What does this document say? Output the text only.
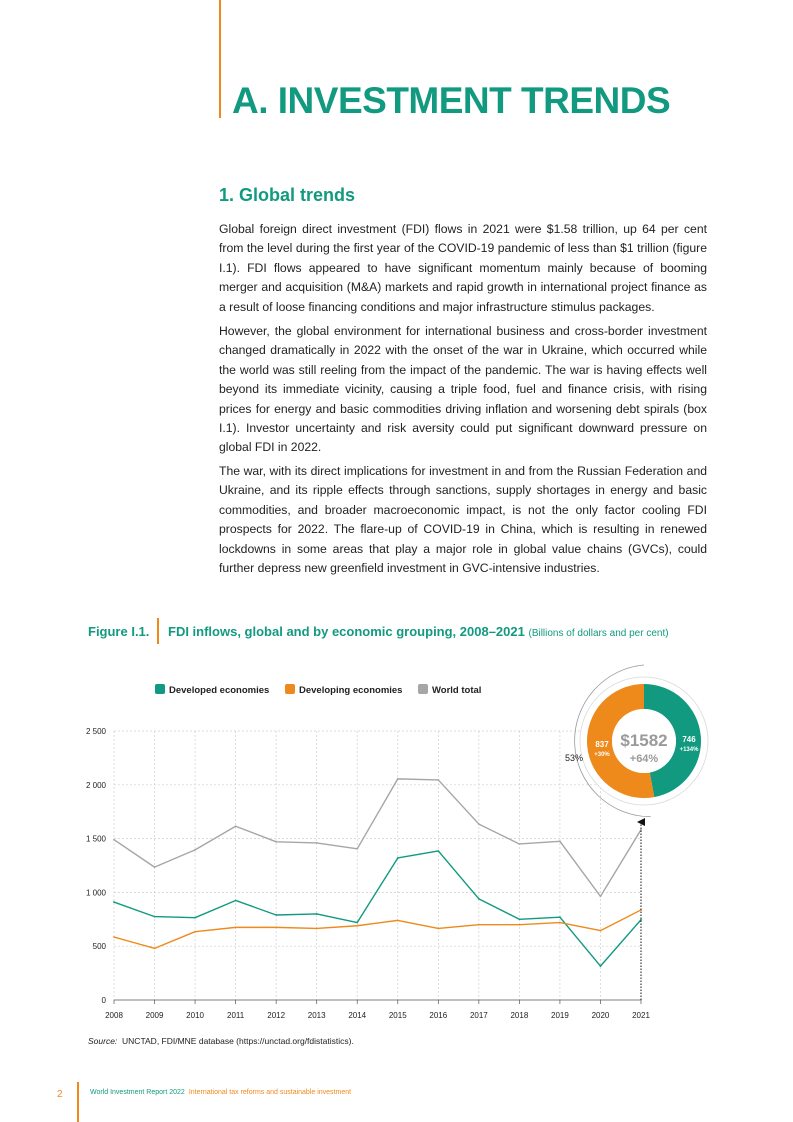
A. INVESTMENT TRENDS
1. Global trends

Global foreign direct investment (FDI) flows in 2021 were $1.58 trillion, up 64 per cent from the level during the first year of the COVID-19 pandemic of less than $1 trillion (figure I.1). FDI flows appeared to have significant momentum mainly because of booming merger and acquisition (M&A) markets and rapid growth in international project finance as a result of loose financing conditions and major infrastructure stimulus packages.

However, the global environment for international business and cross-border investment changed dramatically in 2022 with the onset of the war in Ukraine, which occurred while the world was still reeling from the impact of the pandemic. The war is having effects well beyond its immediate vicinity, causing a triple food, fuel and finance crisis, with rising prices for energy and basic commodities driving inflation and worsening debt spirals (box I.1). Investor uncertainty and risk aversity could put significant downward pressure on global FDI in 2022.

The war, with its direct implications for investment in and from the Russian Federation and Ukraine, and its ripple effects through sanctions, supply shortages in energy and basic commodities, and broader macroeconomic impact, is not the only factor cooling FDI prospects for 2022. The flare-up of COVID-19 in China, which is resulting in renewed lockdowns in some areas that play a major role in global value chains (GVCs), could further depress new greenfield investment in GVC-intensive industries.

Figure I.1. FDI inflows, global and by economic grouping, 2008–2021 (Billions of dollars and per cent)
Developed economies	Developing economies	World total
0
500
1 000
1 500
2 000
2 500
2008	2009	2010	2011	2012	2013	2014	2015	2016	2017	2018	2019	2020	2021
$1582
+64%
746
+134%
837
+30%
53%
Source: UNCTAD, FDI/MNE database (https://unctad.org/fdistatistics).
2	World Investment Report 2022 International tax reforms and sustainable investment
